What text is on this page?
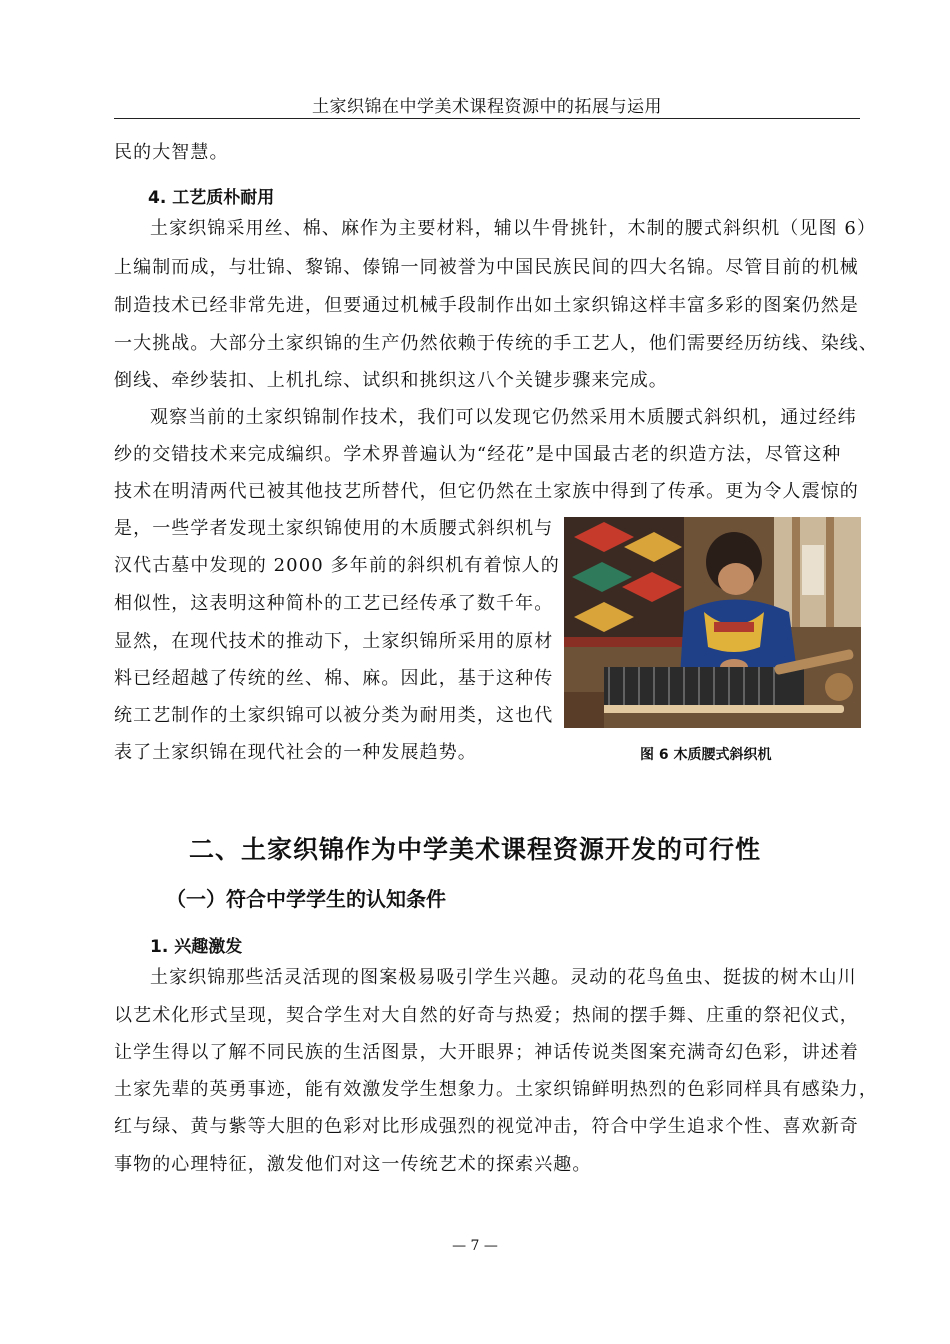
土家织锦在中学美术课程资源中的拓展与运用
民的大智慧。
4. 工艺质朴耐用
土家织锦采用丝、棉、麻作为主要材料，辅以牛骨挑针，木制的腰式斜织机（见图 6）
上编制而成，与壮锦、黎锦、傣锦一同被誉为中国民族民间的四大名锦。尽管目前的机械
制造技术已经非常先进，但要通过机械手段制作出如土家织锦这样丰富多彩的图案仍然是
一大挑战。大部分土家织锦的生产仍然依赖于传统的手工艺人，他们需要经历纺线、染线、
倒线、牵纱装扣、上机扎综、试织和挑织这八个关键步骤来完成。
观察当前的土家织锦制作技术，我们可以发现它仍然采用木质腰式斜织机，通过经纬
纱的交错技术来完成编织。学术界普遍认为“经花”是中国最古老的织造方法，尽管这种
技术在明清两代已被其他技艺所替代，但它仍然在土家族中得到了传承。更为令人震惊的
是，一些学者发现土家织锦使用的木质腰式斜织机与
汉代古墓中发现的 2000 多年前的斜织机有着惊人的
相似性，这表明这种简朴的工艺已经传承了数千年。
显然，在现代技术的推动下，土家织锦所采用的原材
料已经超越了传统的丝、棉、麻。因此，基于这种传
统工艺制作的土家织锦可以被分类为耐用类，这也代
表了土家织锦在现代社会的一种发展趋势。	图 6 木质腰式斜织机
二、土家织锦作为中学美术课程资源开发的可行性
（一）符合中学学生的认知条件
1. 兴趣激发
土家织锦那些活灵活现的图案极易吸引学生兴趣。灵动的花鸟鱼虫、挺拔的树木山川
以艺术化形式呈现，契合学生对大自然的好奇与热爱；热闹的摆手舞、庄重的祭祀仪式，
让学生得以了解不同民族的生活图景，大开眼界；神话传说类图案充满奇幻色彩，讲述着
土家先辈的英勇事迹，能有效激发学生想象力。土家织锦鲜明热烈的色彩同样具有感染力，
红与绿、黄与紫等大胆的色彩对比形成强烈的视觉冲击，符合中学生追求个性、喜欢新奇
事物的心理特征，激发他们对这一传统艺术的探索兴趣。
— 7 —
